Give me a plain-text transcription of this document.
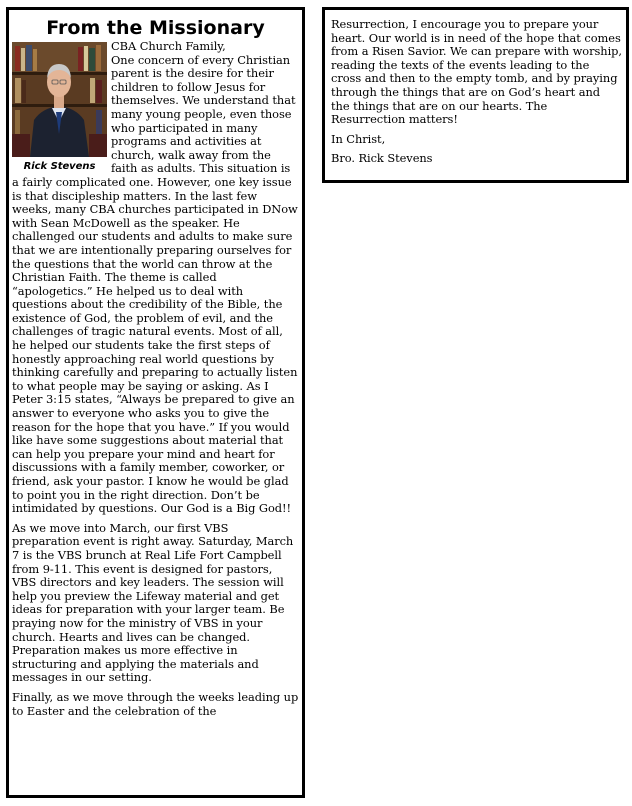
From the Missionary
Rick Stevens

CBA Church Family,

One concern of every Christian parent is the desire for their children to follow Jesus for themselves. We understand that many young people, even those who participated in many programs and activities at church, walk away from the faith as adults. This situation is a fairly complicated one. However, one key issue is that discipleship matters. In the last few weeks, many CBA churches participated in DNow with Sean McDowell as the speaker. He challenged our students and adults to make sure that we are intentionally preparing ourselves for the questions that the world can throw at the Christian Faith. The theme is called “apologetics.” He helped us to deal with questions about the credibility of the Bible, the existence of God, the problem of evil, and the challenges of tragic natural events. Most of all, he helped our students take the first steps of honestly approaching real world questions by thinking carefully and preparing to actually listen to what people may be saying or asking. As I Peter 3:15 states, “Always be prepared to give an answer to everyone who asks you to give the reason for the hope that you have.” If you would like have some suggestions about material that can help you prepare your mind and heart for discussions with a family member, coworker, or friend, ask your pastor. I know he would be glad to point you in the right direction. Don’t be intimidated by questions. Our God is a Big God!!

As we move into March, our first VBS preparation event is right away. Saturday, March 7 is the VBS brunch at Real Life Fort Campbell from 9-11. This event is designed for pastors, VBS directors and key leaders. The session will help you preview the Lifeway material and get ideas for preparation with your larger team. Be praying now for the ministry of VBS in your church. Hearts and lives can be changed. Preparation makes us more effective in structuring and applying the materials and messages in our setting.

Finally, as we move through the weeks leading up to Easter and the celebration of the

Resurrection, I encourage you to prepare your heart. Our world is in need of the hope that comes from a Risen Savior. We can prepare with worship, reading the texts of the events leading to the cross and then to the empty tomb, and by praying through the things that are on God’s heart and the things that are on our hearts. The Resurrection matters!

In Christ,

Bro. Rick Stevens
